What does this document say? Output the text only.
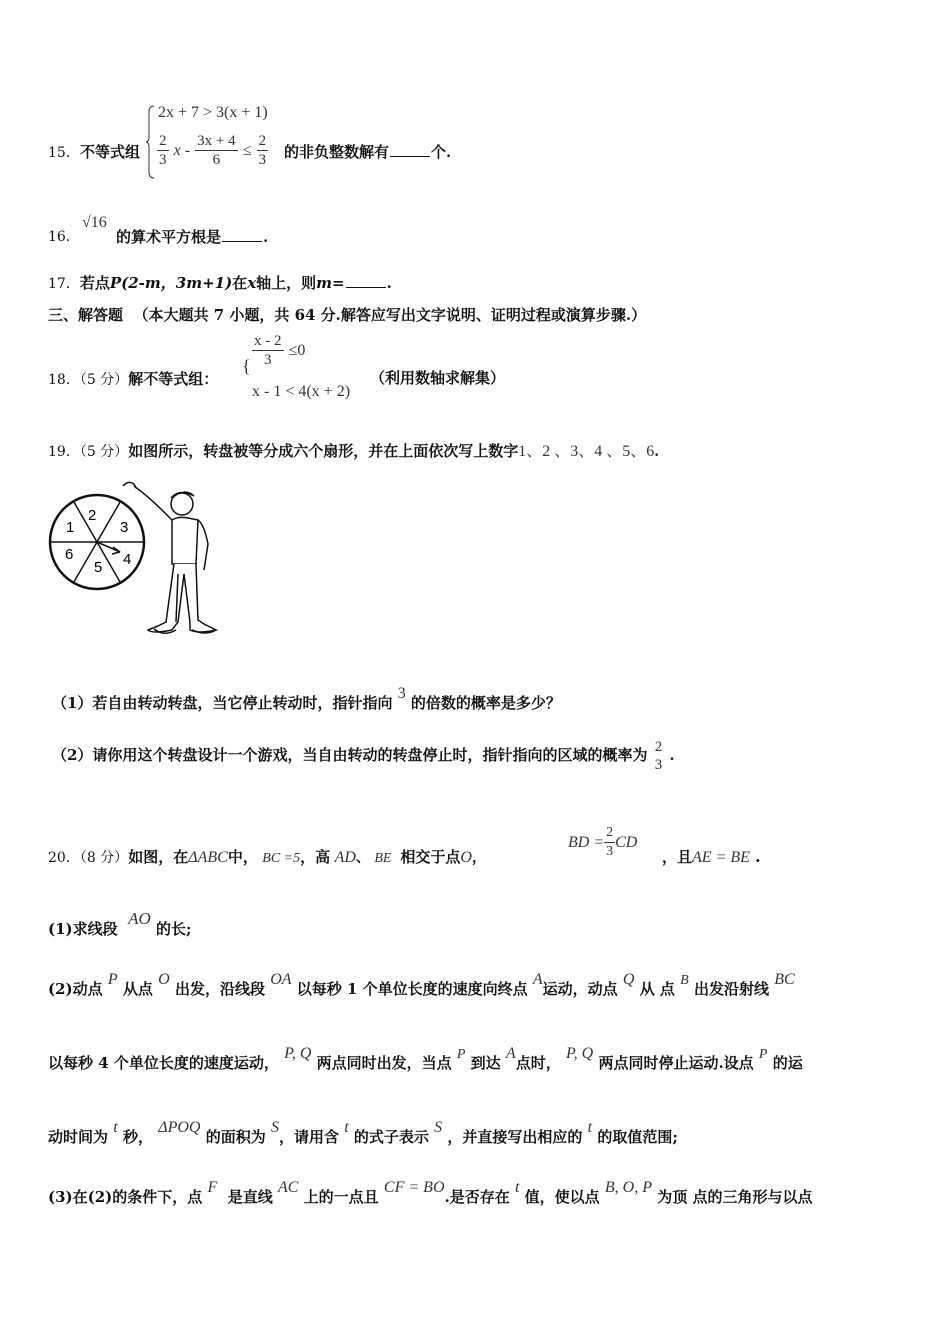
15． 不等式组
2x + 7 > 3(x + 1)
$\frac{2}{3}$ $x - \frac{3x + 4}{6} \le \frac{2}{3}$ 的非负整数解有	个.
16．
√16
的算术平方根是	.
17．若点P(2-m，3m+1)在x轴上，则m=	.
三、解答题 （本大题共 7 小题，共 64 分.解答应写出文字说明、证明过程或演算步骤.）
18．（5 分）解不等式组：
{ $\frac{x - 2}{3} \le 0$
x - 1 < 4(x + 2)
（利用数轴求解集）
19．（5 分）如图所示，转盘被等分成六个扇形，并在上面依次写上数字1、2 、3、4 、5、6.
1
2
3
4
5
6
（1）若自由转动转盘，当它停止转动时，指针指向 3 的倍数的概率是多少？
（2）请你用这个转盘设计一个游戏，当自由转动的转盘停止时，指针指向的区域的概率为 2
3
.
20．（8 分）如图，在ΔABC中， BC =5，高 AD、 BE 相交于点O，
BD = $\frac{2}{3}$ CD
，且AE = BE .
(1)求线段  AO 的长;
(2)动点 P 从点 O 出发，沿线段 OA 以每秒 1 个单位长度的速度向终点 A运动，动点 Q 从 点 B 出发沿射线 BC
以每秒 4 个单位长度的速度运动， P, Q 两点同时出发，当点 P 到达 A点时， P, Q 两点同时停止运动.设点 P 的运
动时间为 t 秒， ΔPOQ 的面积为 S，请用含 t 的式子表示 S ，并直接写出相应的 t 的取值范围;
(3)在(2)的条件下，点 F  是直线 AC 上的一点且 CF = BO.是否存在 t 值，使以点 B, O, P 为顶 点的三角形与以点
